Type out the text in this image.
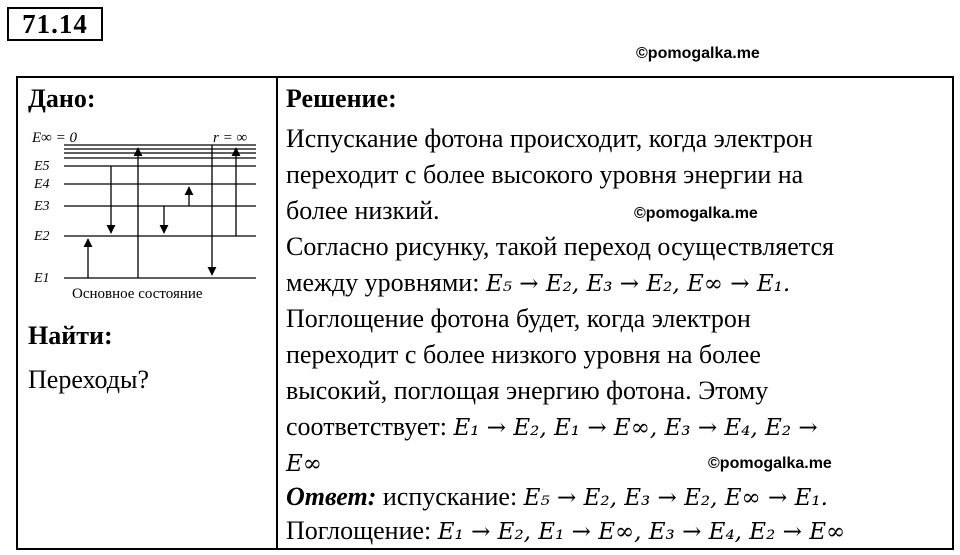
71.14
©pomogalka.me
Дано:
E∞ = 0	r = ∞
E5
E4
E3
E2
E1
Основное состояние
Найти:
Переходы?
Решение:
Испускание фотона происходит, когда электрон
переходит с более высокого уровня энергии на
более низкий.
Согласно рисунку, такой переход осуществляется
между уровнями: E₅ → E₂, E₃ → E₂, E∞ → E₁.
Поглощение фотона будет, когда электрон
переходит с более низкого уровня на более
высокий, поглощая энергию фотона. Этому
соответствует: E₁ → E₂, E₁ → E∞, E₃ → E₄, E₂ →
E∞	©pomogalka.me
©pomogalka.me
Ответ: испускание: E₅ → E₂, E₃ → E₂, E∞ → E₁.
Поглощение: E₁ → E₂, E₁ → E∞, E₃ → E₄, E₂ → E∞
